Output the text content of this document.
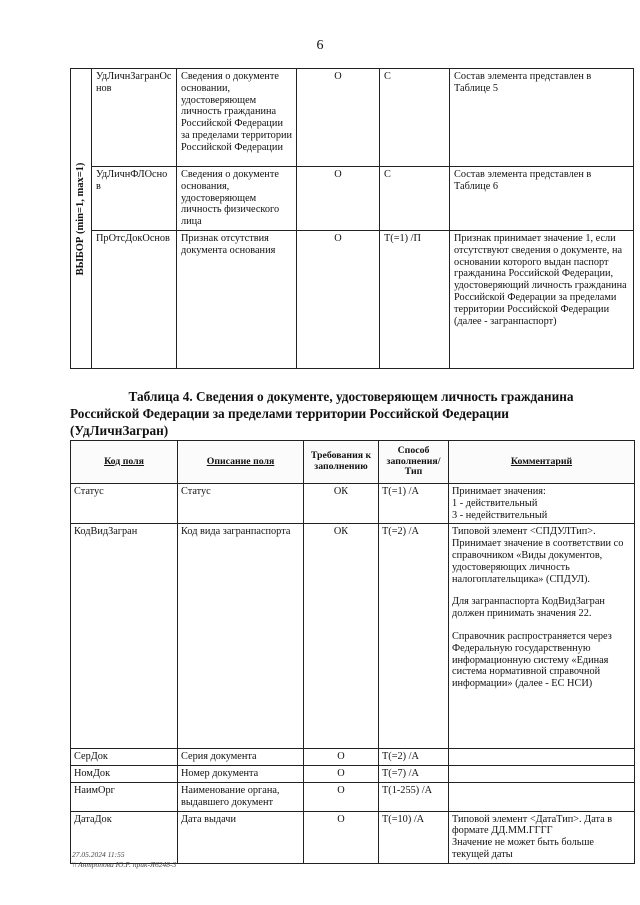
6
ВЫБОР (min=1, max=1)	УдЛичнЗагранОснов	Сведения о документе основании, удостоверяющем личность гражданина Российской Федерации за пределами территории Российской Федерации	О	С	Состав элемента представлен в Таблице 5
	УдЛичнФЛОснов	Сведения о документе основания, удостоверяющем личность физического лица	О	С	Состав элемента представлен в Таблице 6
	ПрОтсДокОснов	Признак отсутствия документа основания	О	Т(=1) /П	Признак принимает значение 1, если отсутствуют сведения о документе, на основании которого выдан паспорт гражданина Российской Федерации, удостоверяющий личность гражданина Российской Федерации за пределами территории Российской Федерации (далее - загранпаспорт)
Таблица 4. Сведения о документе, удостоверяющем личность гражданина
Российской Федерации за пределами территории Российской Федерации
(УдЛичнЗагран)
Код поля	Описание поля	Требования к заполнению	Способ заполнения/ Тип	Комментарий
Статус	Статус	ОК	Т(=1) /А	Принимает значения:
1 - действительный
3 - недействительный

КодВидЗагран	Код вида загранпаспорта	ОК	Т(=2) /А	Типовой элемент <СПДУЛТип>. Принимает значение в соответствии со справочником «Виды документов, удостоверяющих личность налогоплательщика» (СПДУЛ).
Для загранпаспорта КодВидЗагран должен принимать значения 22.
Справочник распространяется через Федеральную государственную информационную систему «Единая система нормативной справочной информации» (далее - ЕС НСИ)

СерДок	Серия документа	О	Т(=2) /А	
НомДок	Номер документа	О	Т(=7) /А	
НаимОрг	Наименование органа, выдавшего документ	О	Т(1-255) /А	
ДатаДок	Дата выдачи	О	Т(=10) /А	Типовой элемент <ДатаТип>. Дата в формате ДД.ММ.ГГГГ
Значение не может быть больше текущей даты
27.05.2024 11:55
\\ Антропова Ю.Р. прик-Я6248-3
